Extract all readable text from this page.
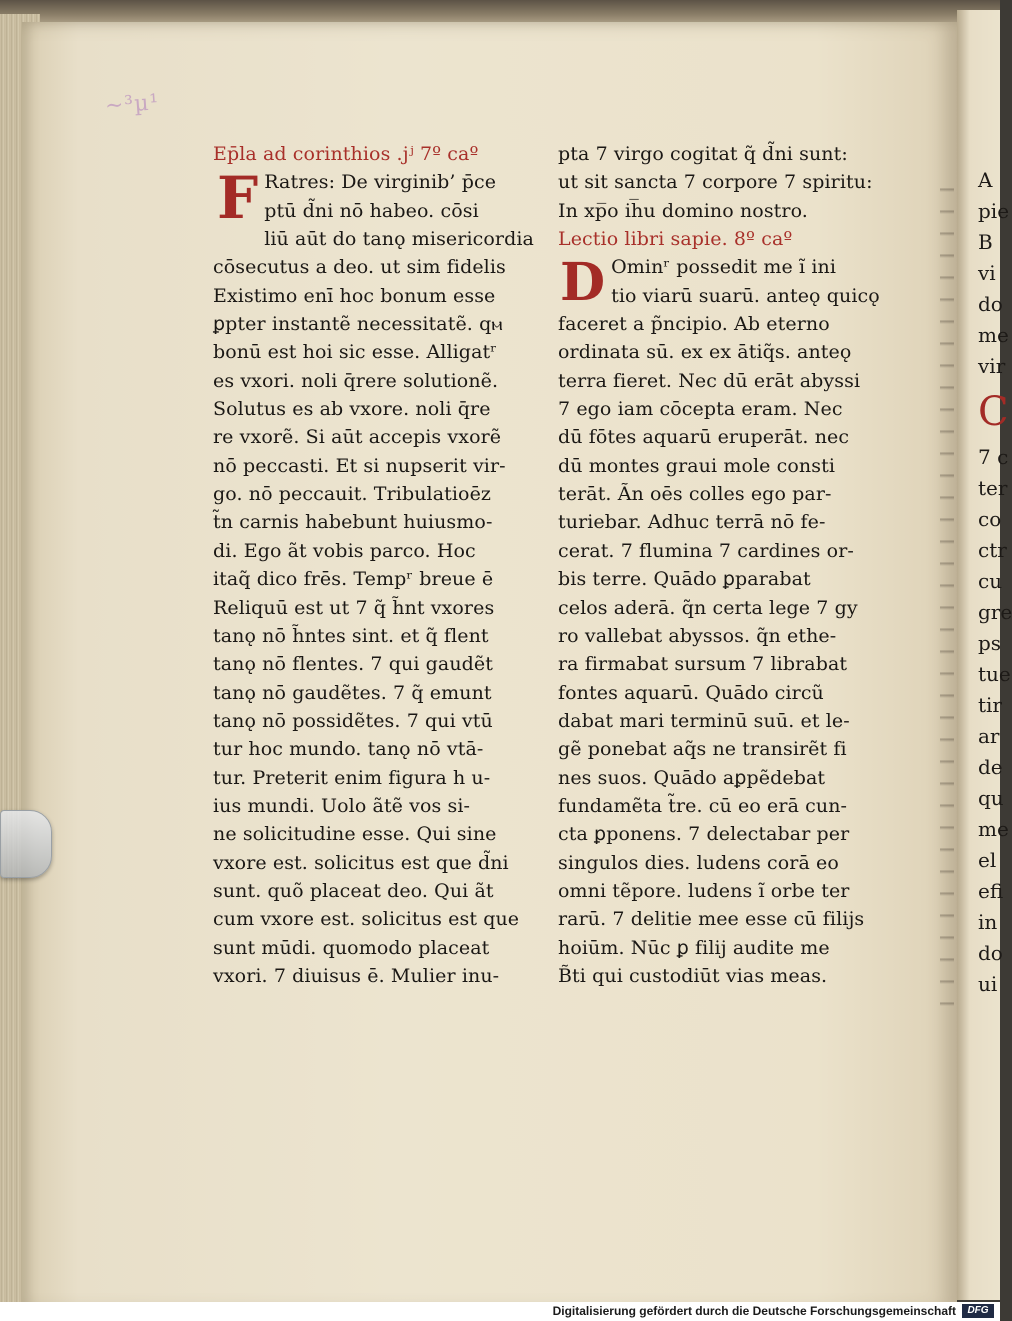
A
pie
B
vi
do
me
vir
C
7 c
ter
co
ctr
cu
gre
ps
tue
tir
ar
de
qu
me
el
efi
in
do
ui
~³µ¹
Ep̄la ad corinthios .jʲ 7º caº
F Ratres: De virginib’ p̄ce
ptū d̃ni nō habeo. cōsi
liū aūt do tanǫ misericordia
cōsecutus a deo. ut sim fidelis
Existimo enī hoc bonum esse
ꝑpter instantẽ necessitatẽ. qⲙ
bonū est hoi sic esse. Alligatʳ
es vxori. noli q̄rere solutionẽ.
Solutus es ab vxore. noli q̄re
re vxorẽ. Si aūt accepis vxorẽ
nō peccasti. Et si nupserit vir-
go. nō peccauit. Tribulatioēz
t̃n carnis habebunt huiusmo-
di. Ego ãt vobis parco. Hoc
itaq̃ dico frēs. Tempʳ breue ē
Reliquū est ut 7 q̃ h̃nt vxores
tanǫ nō h̃ntes sint. et q̃ flent
tanǫ nō flentes. 7 qui gaudẽt
tanǫ nō gaudẽtes. 7 q̃ emunt
tanǫ nō possidẽtes. 7 qui vtū
tur hoc mundo. tanǫ nō vtā-
tur. Preterit enim figura h u-
ius mundi. Uolo ãtẽ vos si-
ne solicitudine esse. Qui sine
vxore est. solicitus est que d̃ni
sunt. quõ placeat deo. Qui ãt
cum vxore est. solicitus est que
sunt mūdi. quomodo placeat
vxori. 7 diuisus ē. Mulier inu-
pta 7 virgo cogitat q̃ d̃ni sunt:
ut sit sancta 7 corpore 7 spiritu:
In xp̅o ih̅u domino nostro.
Lectio libri sapie. 8º caº
D Ominʳ possedit me ĩ ini
tio viarū suarū. anteǫ quicǫ
faceret a p̃ncipio. Ab eterno
ordinata sū. ex ex ātiq̃s. anteǫ
terra fieret. Nec dū erāt abyssi
7 ego iam cōcepta eram. Nec
dū fōtes aquarū eruperāt. nec
dū montes graui mole consti
terāt. Ãn oēs colles ego par-
turiebar. Adhuc terrā nō fe-
cerat. 7 flumina 7 cardines or-
bis terre. Quādo ꝑparabat
celos aderā. q̃n certa lege 7 gy
ro vallebat abyssos. q̃n ethe-
ra firmabat sursum 7 librabat
fontes aquarū. Quādo circũ
dabat mari terminū suū. et le-
gẽ ponebat aq̃s ne transirẽt fi
nes suos. Quādo aꝑpẽdebat
fundamẽta t̃re. cū eo erā cun-
cta ꝑponens. 7 delectabar per
singulos dies. ludens corā eo
omni tẽpore. ludens ĩ orbe ter
rarū. 7 delitie mee esse cū filijs
hoiūm. Nūc ꝑ filij audite me
B̃ti qui custodiūt vias meas.
Digitalisierung gefördert durch die Deutsche Forschungsgemeinschaft	DFG
